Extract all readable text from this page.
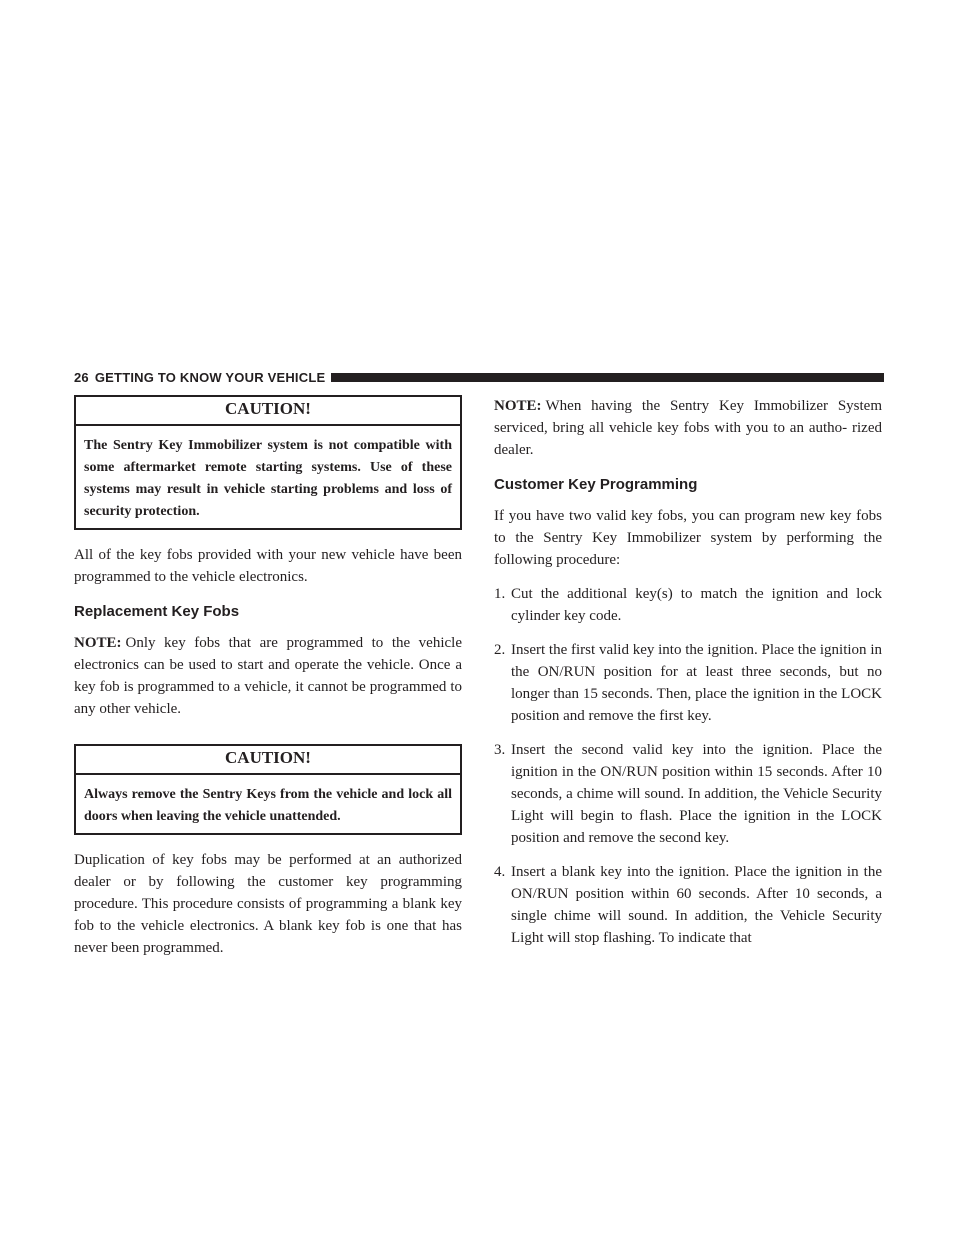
26 GETTING TO KNOW YOUR VEHICLE
CAUTION!
The Sentry Key Immobilizer system is not compatible with some aftermarket remote starting systems. Use of these systems may result in vehicle starting problems and loss of security protection.

All of the key fobs provided with your new vehicle have been programmed to the vehicle electronics.

Replacement Key Fobs

NOTE: Only key fobs that are programmed to the vehicle electronics can be used to start and operate the vehicle. Once a key fob is programmed to a vehicle, it cannot be programmed to any other vehicle.

CAUTION!
Always remove the Sentry Keys from the vehicle and lock all doors when leaving the vehicle unattended.

Duplication of key fobs may be performed at an authorized dealer or by following the customer key programming procedure. This procedure consists of programming a blank key fob to the vehicle electronics. A blank key fob is one that has never been programmed.

NOTE: When having the Sentry Key Immobilizer System serviced, bring all vehicle key fobs with you to an autho- rized dealer.

Customer Key Programming

If you have two valid key fobs, you can program new key fobs to the Sentry Key Immobilizer system by performing the following procedure:

1. Cut the additional key(s) to match the ignition and lock cylinder key code.
2. Insert the first valid key into the ignition. Place the ignition in the ON/RUN position for at least three seconds, but no longer than 15 seconds. Then, place the ignition in the LOCK position and remove the first key.
3. Insert the second valid key into the ignition. Place the ignition in the ON/RUN position within 15 seconds. After 10 seconds, a chime will sound. In addition, the Vehicle Security Light will begin to flash. Place the ignition in the LOCK position and remove the second key.
4. Insert a blank key into the ignition. Place the ignition in the ON/RUN position within 60 seconds. After 10 seconds, a single chime will sound. In addition, the Vehicle Security Light will stop flashing. To indicate that
